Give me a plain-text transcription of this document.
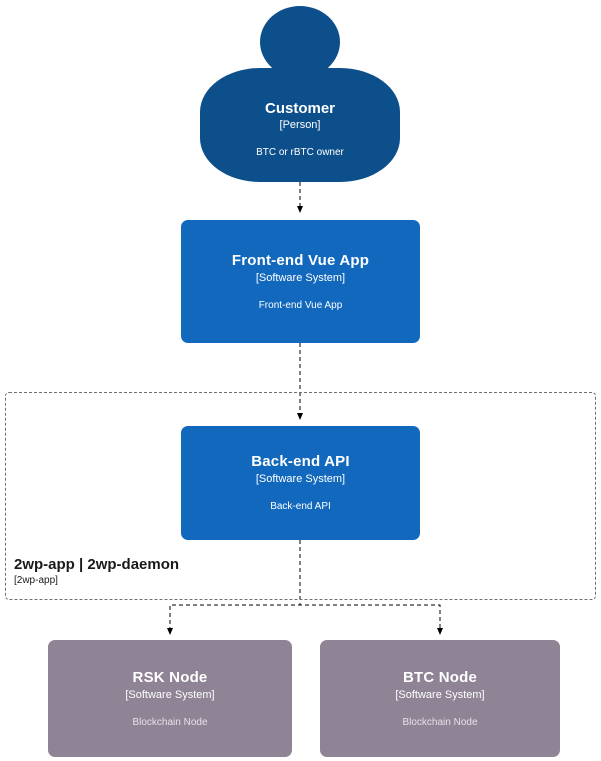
2wp-app | 2wp-daemon
[2wp-app]
Customer
[Person]
BTC or rBTC owner
Front-end Vue App
[Software System]
Front-end Vue App
Back-end API
[Software System]
Back-end API
RSK Node
[Software System]
Blockchain Node
BTC Node
[Software System]
Blockchain Node
